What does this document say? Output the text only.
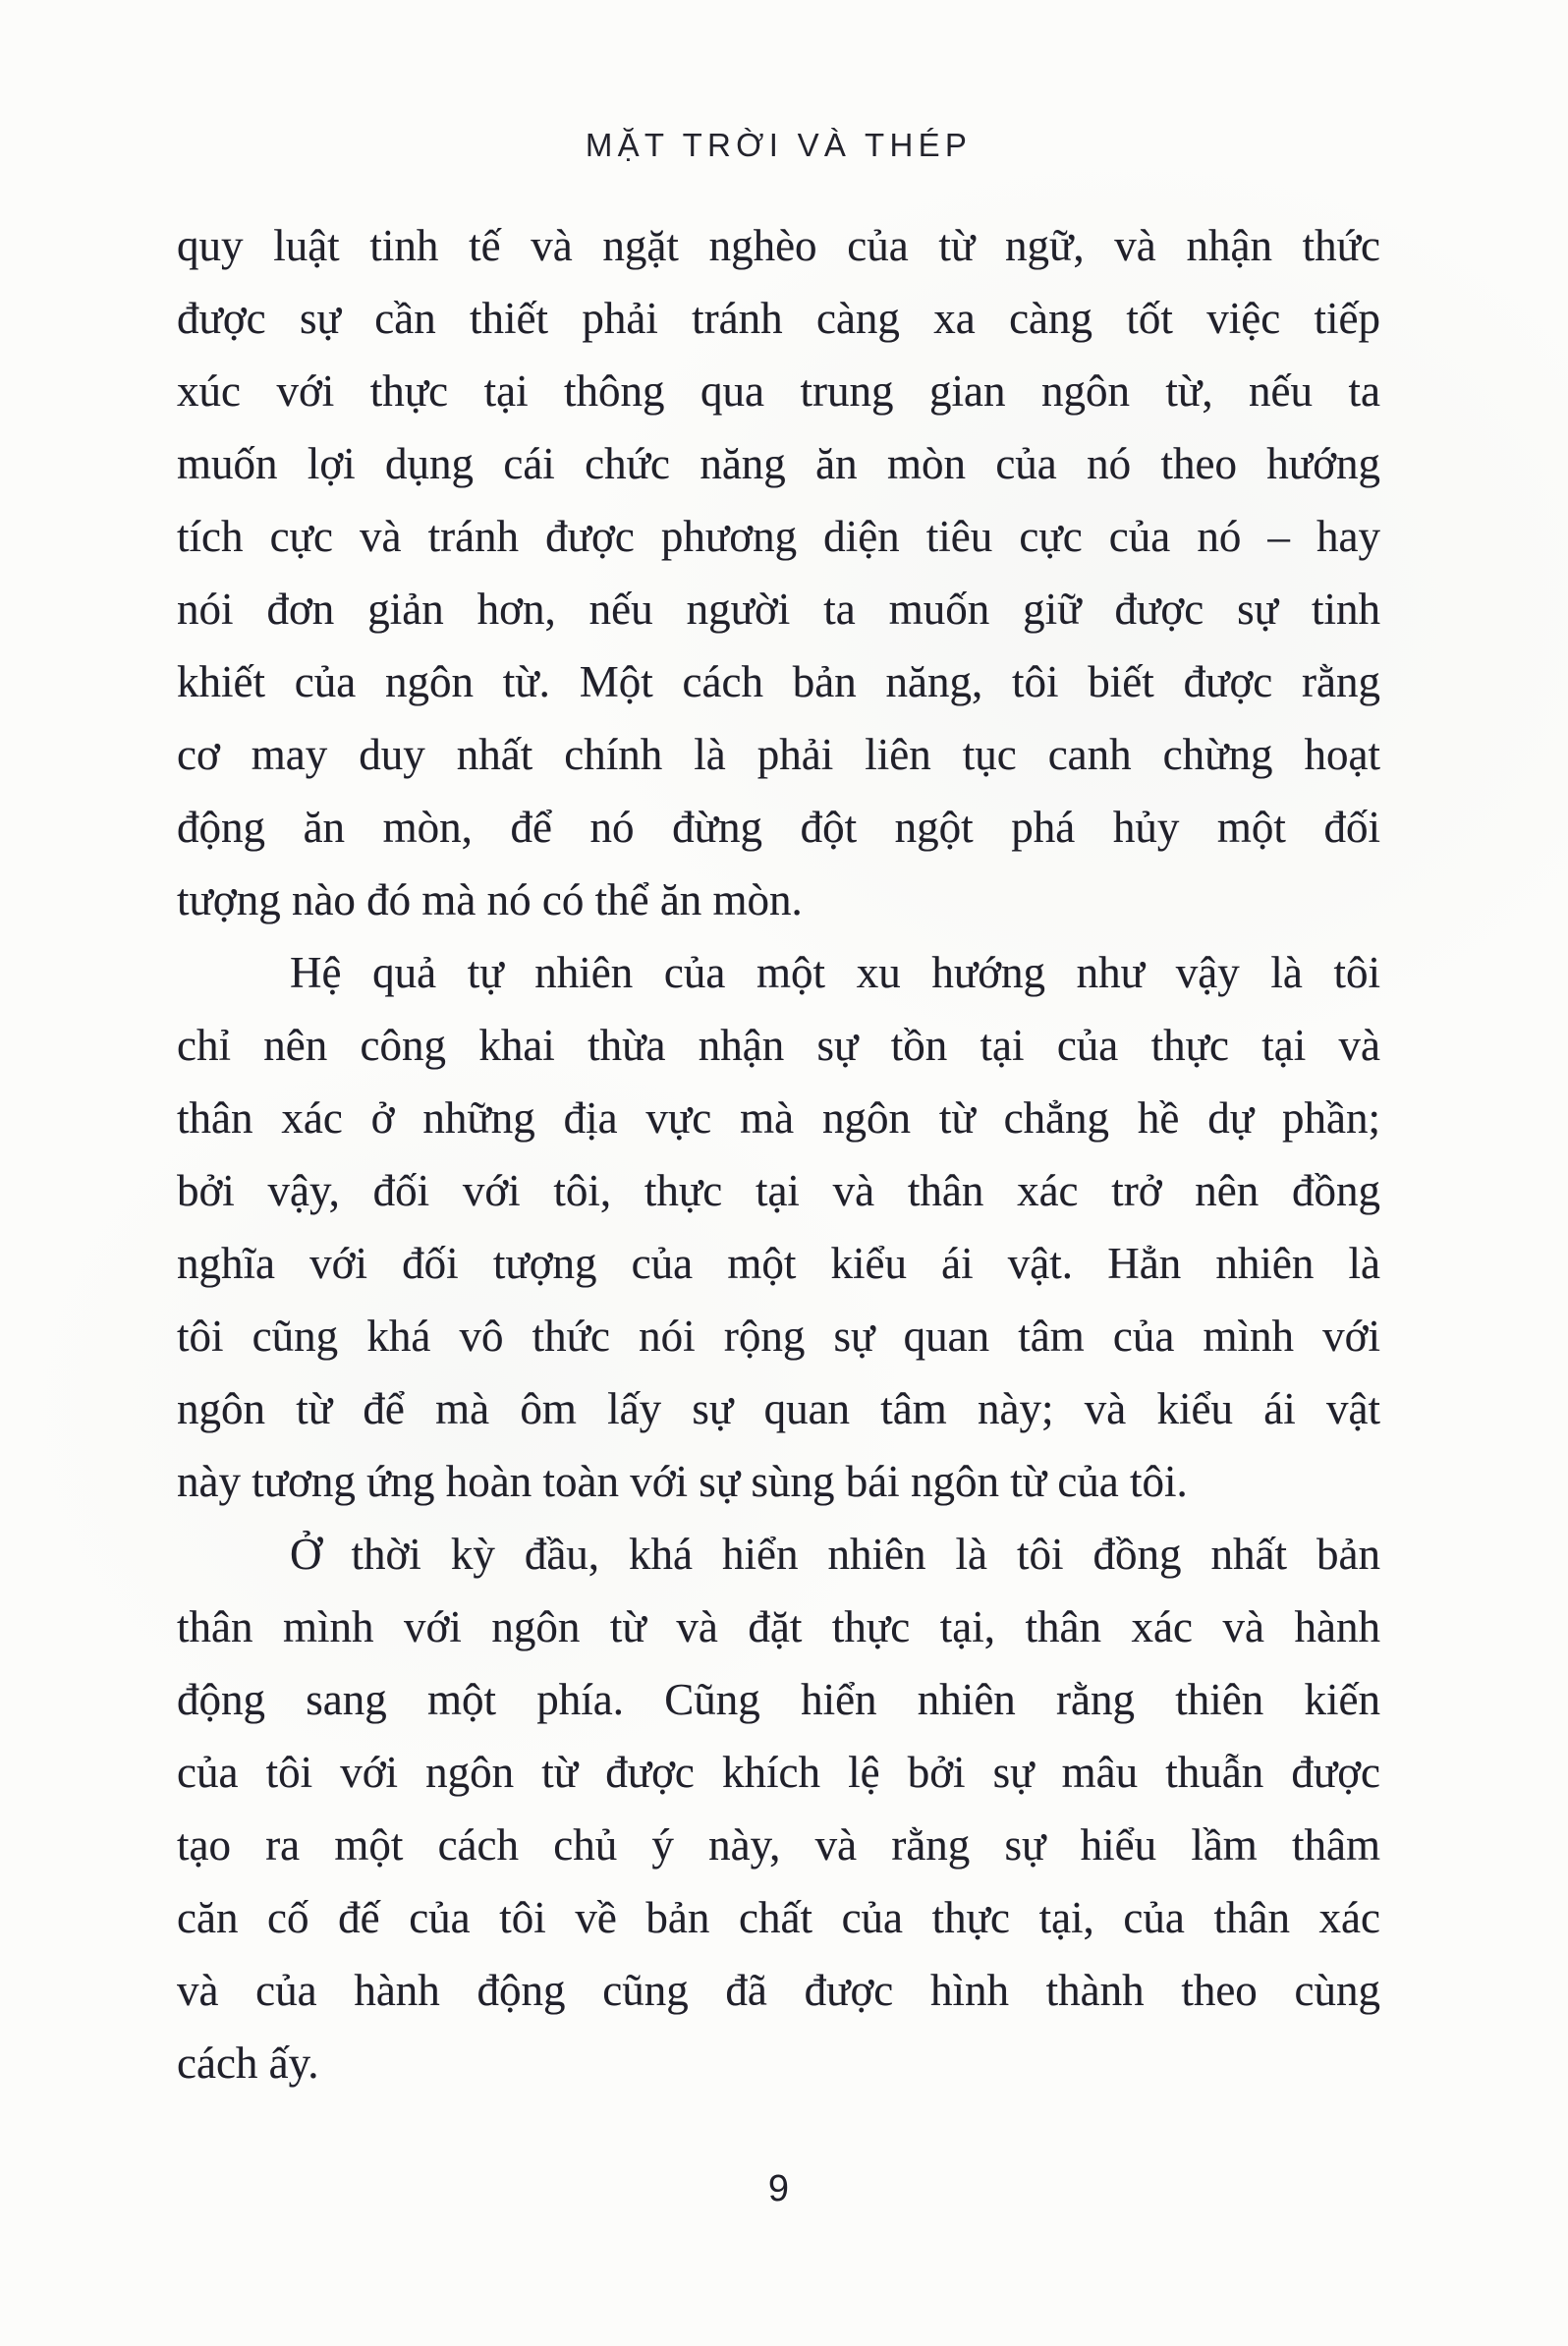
MẶT TRỜI VÀ THÉP
quy luật tinh tế và ngặt nghèo của từ ngữ, và nhận thức
được sự cần thiết phải tránh càng xa càng tốt việc tiếp
xúc với thực tại thông qua trung gian ngôn từ, nếu ta
muốn lợi dụng cái chức năng ăn mòn của nó theo hướng
tích cực và tránh được phương diện tiêu cực của nó – hay
nói đơn giản hơn, nếu người ta muốn giữ được sự tinh
khiết của ngôn từ. Một cách bản năng, tôi biết được rằng
cơ may duy nhất chính là phải liên tục canh chừng hoạt
động ăn mòn, để nó đừng đột ngột phá hủy một đối
tượng nào đó mà nó có thể ăn mòn.
Hệ quả tự nhiên của một xu hướng như vậy là tôi
chỉ nên công khai thừa nhận sự tồn tại của thực tại và
thân xác ở những địa vực mà ngôn từ chẳng hề dự phần;
bởi vậy, đối với tôi, thực tại và thân xác trở nên đồng
nghĩa với đối tượng của một kiểu ái vật. Hẳn nhiên là
tôi cũng khá vô thức nói rộng sự quan tâm của mình với
ngôn từ để mà ôm lấy sự quan tâm này; và kiểu ái vật
này tương ứng hoàn toàn với sự sùng bái ngôn từ của tôi.
Ở thời kỳ đầu, khá hiển nhiên là tôi đồng nhất bản
thân mình với ngôn từ và đặt thực tại, thân xác và hành
động sang một phía. Cũng hiển nhiên rằng thiên kiến
của tôi với ngôn từ được khích lệ bởi sự mâu thuẫn được
tạo ra một cách chủ ý này, và rằng sự hiểu lầm thâm
căn cố đế của tôi về bản chất của thực tại, của thân xác
và của hành động cũng đã được hình thành theo cùng
cách ấy.
9
